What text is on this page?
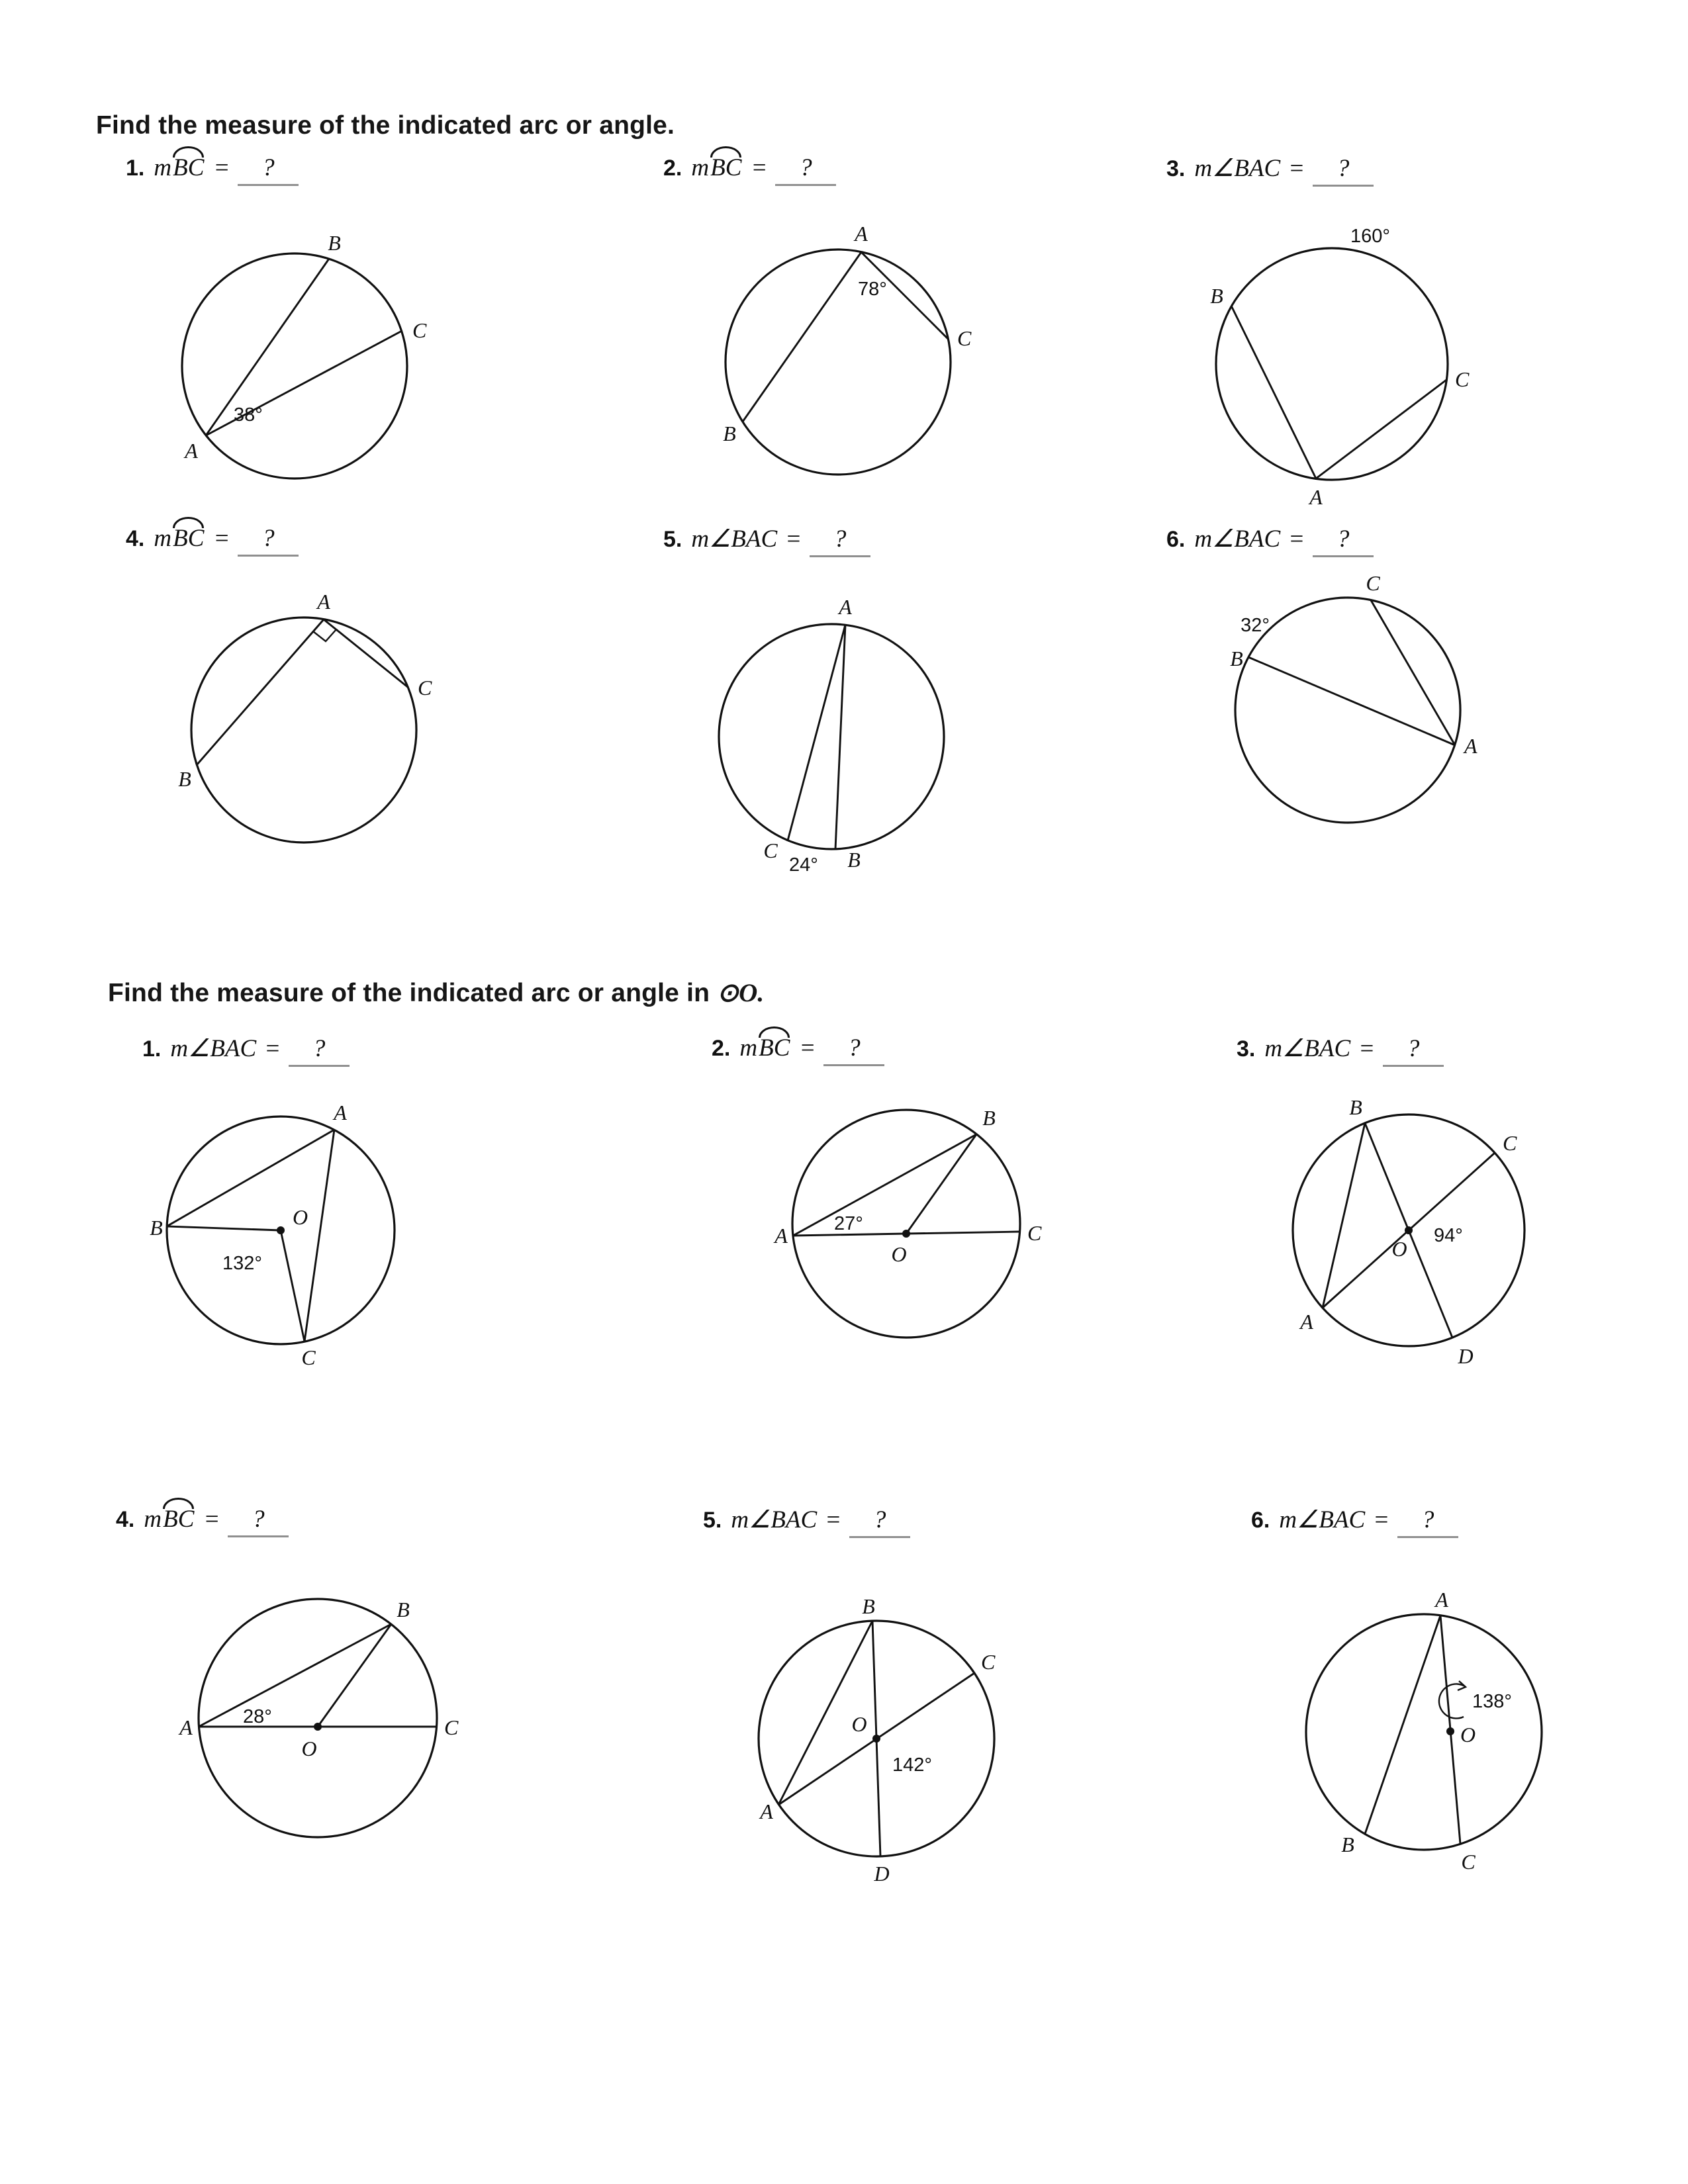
Find the measure of the indicated arc or angle.
1. mBC = ?
B
C
A
38°
2. mBC = ?
A
C
B
78°
3. m∠BAC = ?
160°
B
C
A
4. mBC = ?
A
C
B
5. m∠BAC = ?
A
C
24° B
6. m∠BAC = ?
C
32°
B
A
Find the measure of the indicated arc or angle in ⊙O.
1. m∠BAC = ?
O
A
B
132°
C
2. mBC = ?
B
A 27°
O
C
3. m∠BAC = ?
B
C
O
94°
A
D
4. mBC = ?
B
A	28°
O
C
5. m∠BAC = ?
B
C
O
142°
A
D
6. m∠BAC = ?
A
138°
O
B
C
